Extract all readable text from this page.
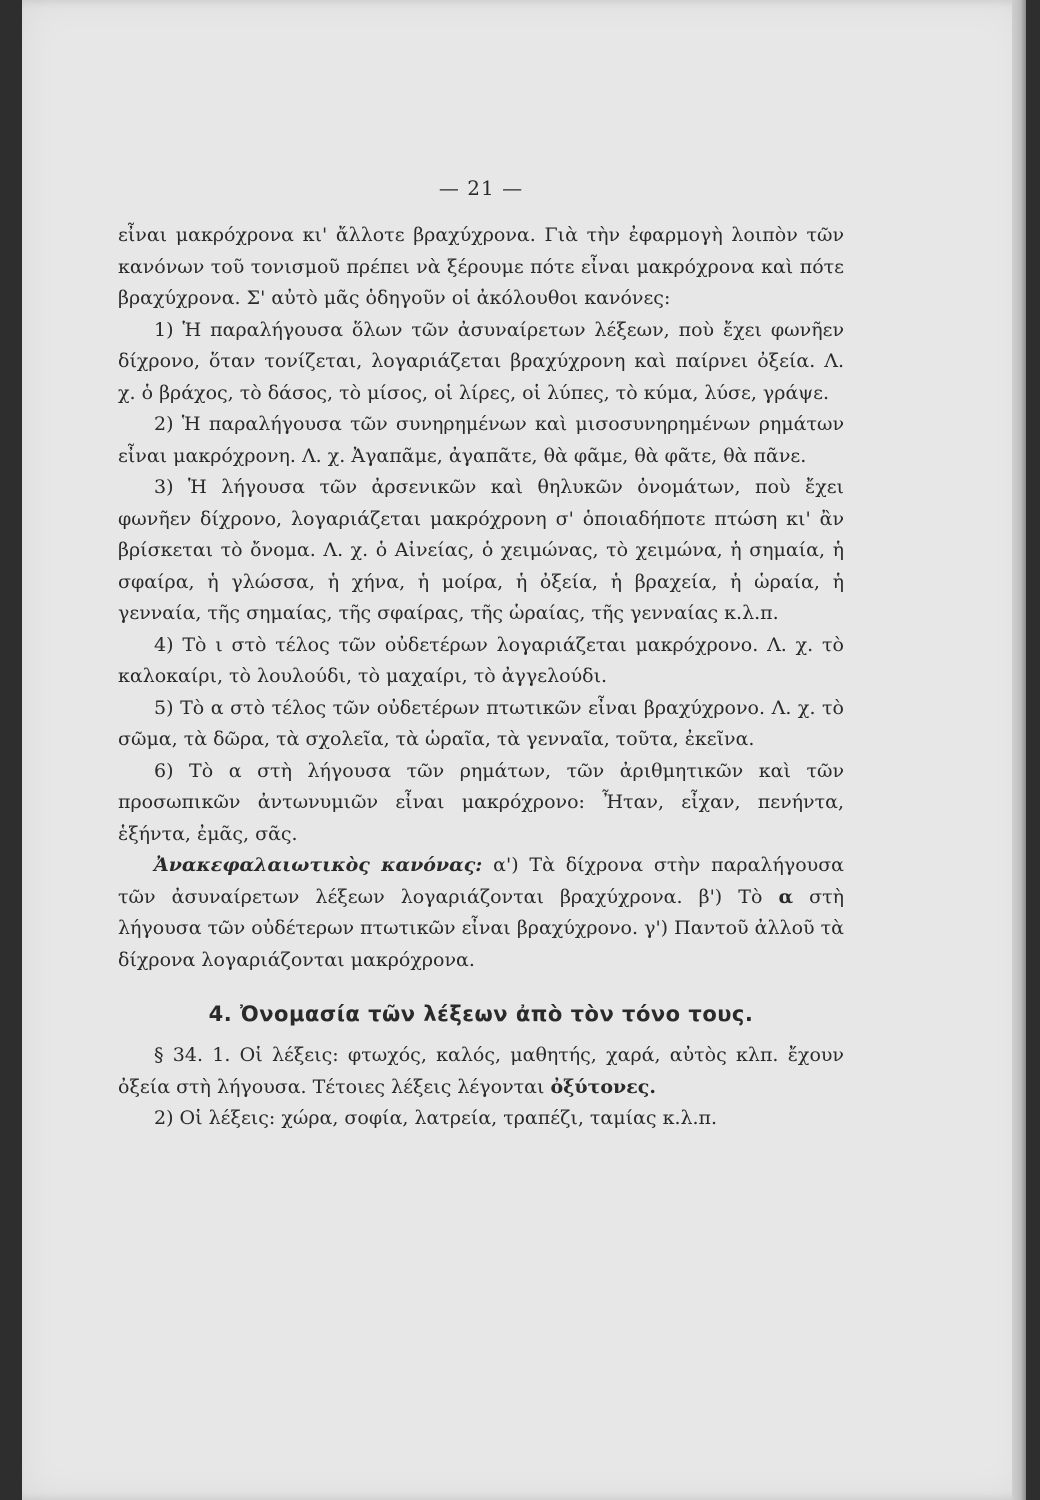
— 21 —

εἶναι μακρόχρονα κι' ἄλλοτε βραχύχρονα. Γιὰ τὴν ἐφαρμογὴ λοιπὸν τῶν κανόνων τοῦ τονισμοῦ πρέπει νὰ ξέρουμε πότε εἶναι μακρόχρονα καὶ πότε βραχύχρονα. Σ' αὐτὸ μᾶς ὁδηγοῦν οἱ ἀκόλουθοι κανόνες:

1) Ἡ παραλήγουσα ὅλων τῶν ἀσυναίρετων λέξεων, ποὺ ἔχει φωνῆεν δίχρονο, ὅταν τονίζεται, λογαριάζεται βραχύχρονη καὶ παίρνει ὀξεία. Λ. χ. ὁ βράχος, τὸ δάσος, τὸ μίσος, οἱ λίρες, οἱ λύπες, τὸ κύμα, λύσε, γράψε.

2) Ἡ παραλήγουσα τῶν συνηρημένων καὶ μισοσυνηρημένων ρημάτων εἶναι μακρόχρονη. Λ. χ. Ἀγαπᾶμε, ἀγαπᾶτε, θὰ φᾶμε, θὰ φᾶτε, θὰ πᾶνε.

3) Ἡ λήγουσα τῶν ἀρσενικῶν καὶ θηλυκῶν ὀνομάτων, ποὺ ἔχει φωνῆεν δίχρονο, λογαριάζεται μακρόχρονη σ' ὁποιαδήποτε πτώση κι' ἂν βρίσκεται τὸ ὄνομα. Λ. χ. ὁ Αἰνείας, ὁ χειμώνας, τὸ χειμώνα, ἡ σημαία, ἡ σφαίρα, ἡ γλώσσα, ἡ χήνα, ἡ μοίρα, ἡ ὀξεία, ἡ βραχεία, ἡ ὡραία, ἡ γενναία, τῆς σημαίας, τῆς σφαίρας, τῆς ὡραίας, τῆς γενναίας κ.λ.π.

4) Τὸ ι στὸ τέλος τῶν οὐδετέρων λογαριάζεται μακρόχρονο. Λ. χ. τὸ καλοκαίρι, τὸ λουλούδι, τὸ μαχαίρι, τὸ ἀγγελούδι.

5) Τὸ α στὸ τέλος τῶν οὐδετέρων πτωτικῶν εἶναι βραχύχρονο. Λ. χ. τὸ σῶμα, τὰ δῶρα, τὰ σχολεῖα, τὰ ὡραῖα, τὰ γενναῖα, τοῦτα, ἐκεῖνα.

6) Τὸ α στὴ λήγουσα τῶν ρημάτων, τῶν ἀριθμητικῶν καὶ τῶν προσωπικῶν ἀντωνυμιῶν εἶναι μακρόχρονο: Ἦταν, εἶχαν, πενήντα, ἑξήντα, ἐμᾶς, σᾶς.

Ἀνακεφαλαιωτικὸς κανόνας: α') Τὰ δίχρονα στὴν παραλήγουσα τῶν ἀσυναίρετων λέξεων λογαριάζονται βραχύχρονα. β') Τὸ α στὴ λήγουσα τῶν οὐδέτερων πτωτικῶν εἶναι βραχύχρονο. γ') Παντοῦ ἀλλοῦ τὰ δίχρονα λογαριάζονται μακρόχρονα.

4. Ὀνομασία τῶν λέξεων ἀπὸ τὸν τόνο τους.

§ 34. 1. Οἱ λέξεις: φτωχός, καλός, μαθητής, χαρά, αὐτὸς κλπ. ἔχουν ὀξεία στὴ λήγουσα. Τέτοιες λέξεις λέγονται ὀξύτονες.

2) Οἱ λέξεις: χώρα, σοφία, λατρεία, τραπέζι, ταμίας κ.λ.π.
